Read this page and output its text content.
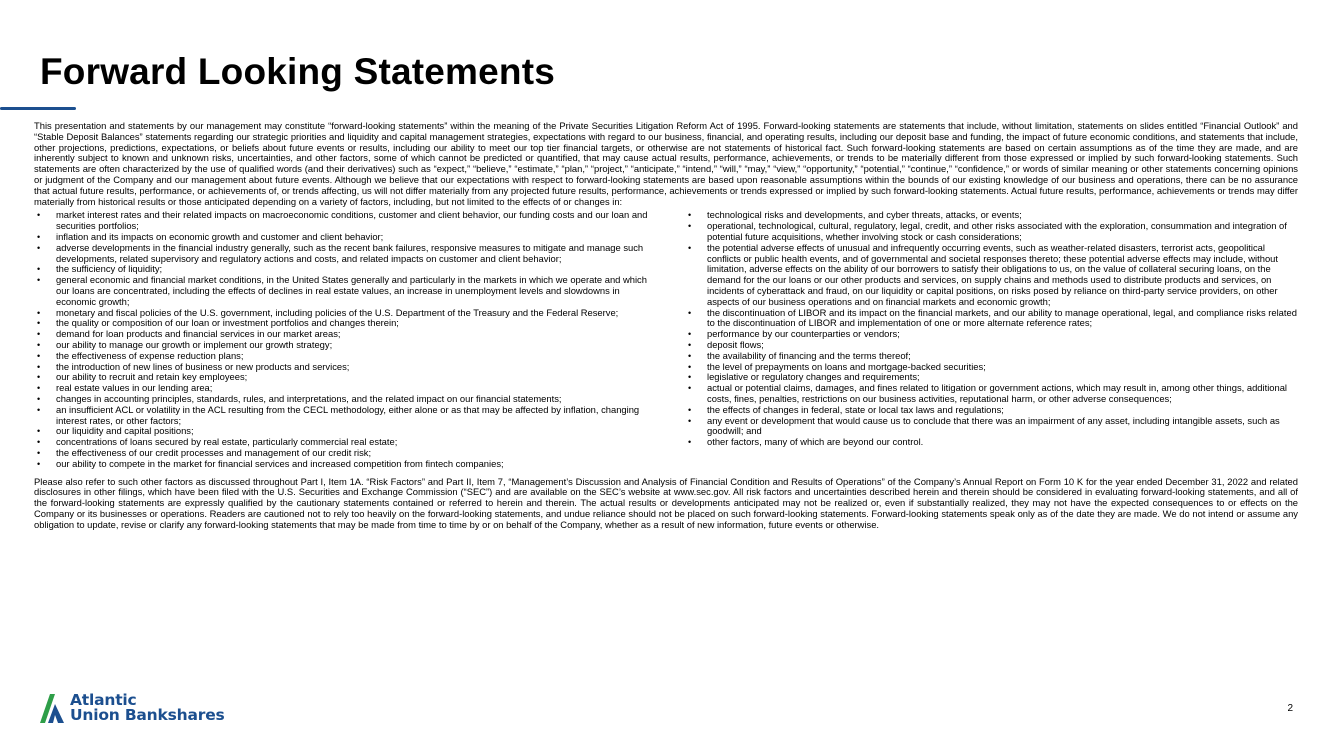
Forward Looking Statements

This presentation and statements by our management may constitute “forward-looking statements” within the meaning of the Private Securities Litigation Reform Act of 1995. Forward-looking statements are statements that include, without limitation, statements on slides entitled “Financial Outlook” and “Stable Deposit Balances” statements regarding our strategic priorities and liquidity and capital management strategies, expectations with regard to our business, financial, and operating results, including our deposit base and funding, the impact of future economic conditions, and statements that include, other projections, predictions, expectations, or beliefs about future events or results, including our ability to meet our top tier financial targets, or otherwise are not statements of historical fact. Such forward-looking statements are based on certain assumptions as of the time they are made, and are inherently subject to known and unknown risks, uncertainties, and other factors, some of which cannot be predicted or quantified, that may cause actual results, performance, achievements, or trends to be materially different from those expressed or implied by such forward-looking statements. Such statements are often characterized by the use of qualified words (and their derivatives) such as “expect,” “believe,” “estimate,” “plan,” “project,” “anticipate,” “intend,” “will,” “may,” “view,” “opportunity,” “potential,” “continue,” “confidence,” or words of similar meaning or other statements concerning opinions or judgment of the Company and our management about future events. Although we believe that our expectations with respect to forward-looking statements are based upon reasonable assumptions within the bounds of our existing knowledge of our business and operations, there can be no assurance that actual future results, performance, or achievements of, or trends affecting, us will not differ materially from any projected future results, performance, achievements or trends expressed or implied by such forward-looking statements. Actual future results, performance, achievements or trends may differ materially from historical results or those anticipated depending on a variety of factors, including, but not limited to the effects of or changes in:

• market interest rates and their related impacts on macroeconomic conditions, customer and client behavior, our funding costs and our loan and securities portfolios;
• inflation and its impacts on economic growth and customer and client behavior;
• adverse developments in the financial industry generally, such as the recent bank failures, responsive measures to mitigate and manage such developments, related supervisory and regulatory actions and costs, and related impacts on customer and client behavior;
• the sufficiency of liquidity;
• general economic and financial market conditions, in the United States generally and particularly in the markets in which we operate and which our loans are concentrated, including the effects of declines in real estate values, an increase in unemployment levels and slowdowns in economic growth;
• monetary and fiscal policies of the U.S. government, including policies of the U.S. Department of the Treasury and the Federal Reserve;
• the quality or composition of our loan or investment portfolios and changes therein;
• demand for loan products and financial services in our market areas;
• our ability to manage our growth or implement our growth strategy;
• the effectiveness of expense reduction plans;
• the introduction of new lines of business or new products and services;
• our ability to recruit and retain key employees;
• real estate values in our lending area;
• changes in accounting principles, standards, rules, and interpretations, and the related impact on our financial statements;
• an insufficient ACL or volatility in the ACL resulting from the CECL methodology, either alone or as that may be affected by inflation, changing interest rates, or other factors;
• our liquidity and capital positions;
• concentrations of loans secured by real estate, particularly commercial real estate;
• the effectiveness of our credit processes and management of our credit risk;
• our ability to compete in the market for financial services and increased competition from fintech companies;
• technological risks and developments, and cyber threats, attacks, or events;
• operational, technological, cultural, regulatory, legal, credit, and other risks associated with the exploration, consummation and integration of potential future acquisitions, whether involving stock or cash considerations;
• the potential adverse effects of unusual and infrequently occurring events, such as weather-related disasters, terrorist acts, geopolitical conflicts or public health events, and of governmental and societal responses thereto; these potential adverse effects may include, without limitation, adverse effects on the ability of our borrowers to satisfy their obligations to us, on the value of collateral securing loans, on the demand for the our loans or our other products and services, on supply chains and methods used to distribute products and services, on incidents of cyberattack and fraud, on our liquidity or capital positions, on risks posed by reliance on third-party service providers, on other aspects of our business operations and on financial markets and economic growth;
• the discontinuation of LIBOR and its impact on the financial markets, and our ability to manage operational, legal, and compliance risks related to the discontinuation of LIBOR and implementation of one or more alternate reference rates;
• performance by our counterparties or vendors;
• deposit flows;
• the availability of financing and the terms thereof;
• the level of prepayments on loans and mortgage-backed securities;
• legislative or regulatory changes and requirements;
• actual or potential claims, damages, and fines related to litigation or government actions, which may result in, among other things, additional costs, fines, penalties, restrictions on our business activities, reputational harm, or other adverse consequences;
• the effects of changes in federal, state or local tax laws and regulations;
• any event or development that would cause us to conclude that there was an impairment of any asset, including intangible assets, such as goodwill; and
• other factors, many of which are beyond our control.

Please also refer to such other factors as discussed throughout Part I, Item 1A. “Risk Factors” and Part II, Item 7, “Management’s Discussion and Analysis of Financial Condition and Results of Operations” of the Company’s Annual Report on Form 10 K for the year ended December 31, 2022 and related disclosures in other filings, which have been filed with the U.S. Securities and Exchange Commission (“SEC”) and are available on the SEC’s website at www.sec.gov. All risk factors and uncertainties described herein and therein should be considered in evaluating forward-looking statements, and all of the forward-looking statements are expressly qualified by the cautionary statements contained or referred to herein and therein. The actual results or developments anticipated may not be realized or, even if substantially realized, they may not have the expected consequences to or effects on the Company or its businesses or operations. Readers are cautioned not to rely too heavily on the forward-looking statements, and undue reliance should not be placed on such forward-looking statements. Forward-looking statements speak only as of the date they are made. We do not intend or assume any obligation to update, revise or clarify any forward-looking statements that may be made from time to time by or on behalf of the Company, whether as a result of new information, future events or otherwise.

Atlantic
Union Bankshares	2
